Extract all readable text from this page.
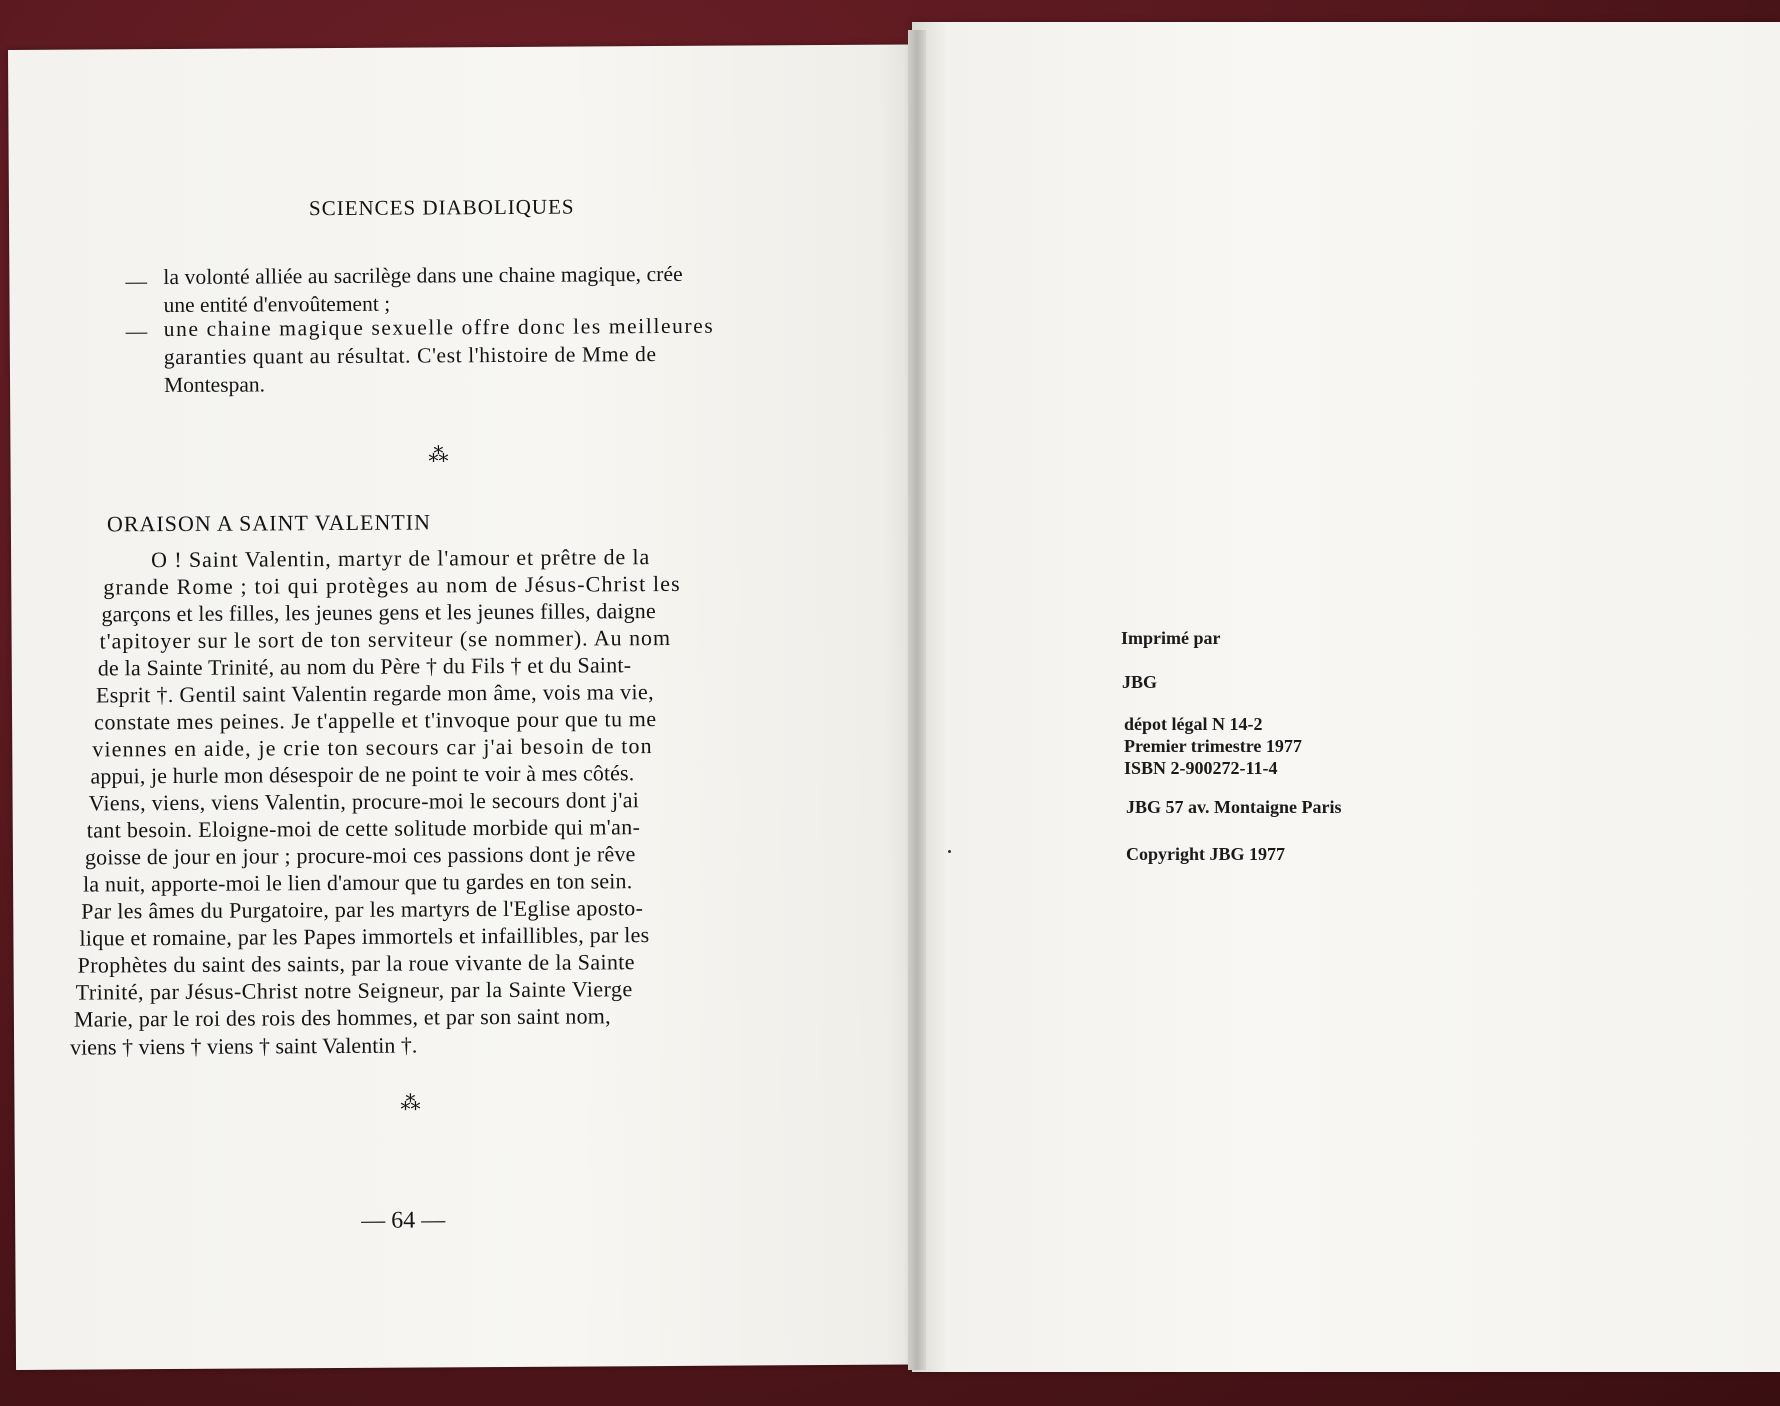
SCIENCES DIABOLIQUES
— la volonté alliée au sacrilège dans une chaine magique, crée
une entité d'envoûtement ;
— une chaine magique sexuelle offre donc les meilleures
garanties quant au résultat. C'est l'histoire de Mme de
Montespan.
⁂
ORAISON A SAINT VALENTIN
O ! Saint Valentin, martyr de l'amour et prêtre de la
grande Rome ; toi qui protèges au nom de Jésus-Christ les
garçons et les filles, les jeunes gens et les jeunes filles, daigne
t'apitoyer sur le sort de ton serviteur (se nommer). Au nom
de la Sainte Trinité, au nom du Père † du Fils † et du Saint-
Esprit †. Gentil saint Valentin regarde mon âme, vois ma vie,
constate mes peines. Je t'appelle et t'invoque pour que tu me
viennes en aide, je crie ton secours car j'ai besoin de ton
appui, je hurle mon désespoir de ne point te voir à mes côtés.
Viens, viens, viens Valentin, procure-moi le secours dont j'ai
tant besoin. Eloigne-moi de cette solitude morbide qui m'an-
goisse de jour en jour ; procure-moi ces passions dont je rêve
la nuit, apporte-moi le lien d'amour que tu gardes en ton sein.
Par les âmes du Purgatoire, par les martyrs de l'Eglise aposto-
lique et romaine, par les Papes immortels et infaillibles, par les
Prophètes du saint des saints, par la roue vivante de la Sainte
Trinité, par Jésus-Christ notre Seigneur, par la Sainte Vierge
Marie, par le roi des rois des hommes, et par son saint nom,
viens † viens † viens † saint Valentin †.
⁂
— 64 —
Imprimé par
JBG
dépot légal N 14-2
Premier trimestre 1977
ISBN 2-900272-11-4
JBG 57 av. Montaigne Paris
Copyright JBG 1977
